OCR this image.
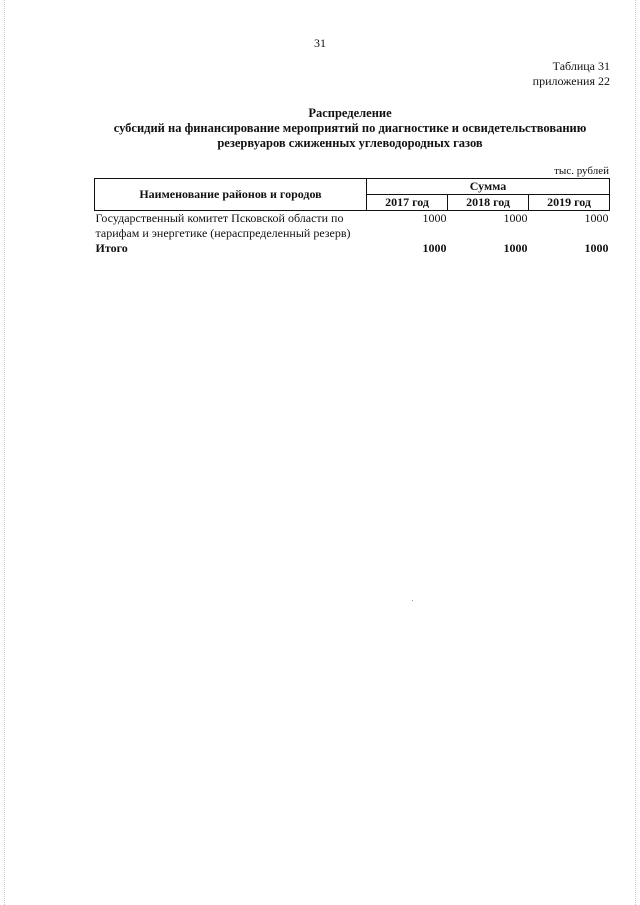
31
Таблица 31
приложения 22
Распределение
субсидий на финансирование мероприятий по диагностике и освидетельствованию
резервуаров сжиженных углеводородных газов
тыс. рублей
Наименование районов и городов	Сумма		
	2017 год	2018 год	2019 год
Государственный комитет Псковской области по тарифам и энергетике (нераспределенный резерв)	1000	1000	1000
Итого	1000	1000	1000
